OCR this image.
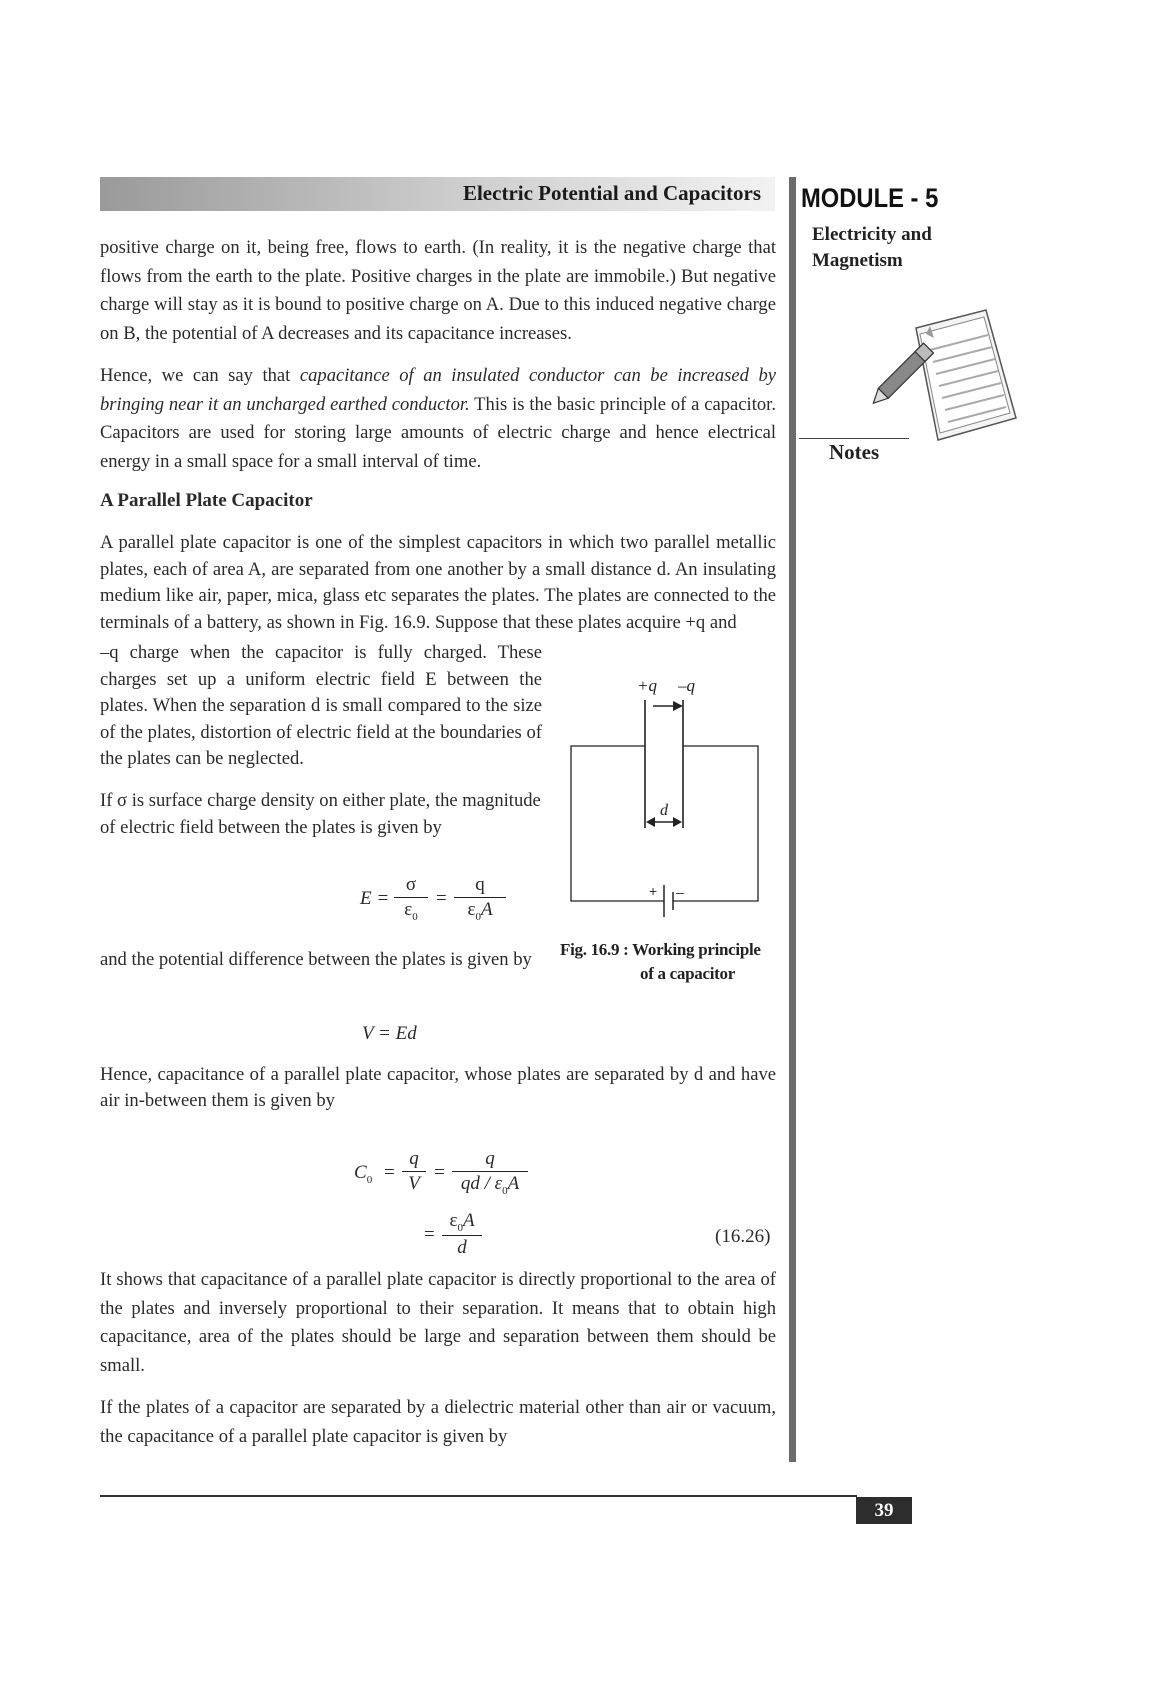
Electric Potential and Capacitors MODULE - 5
Electricity and
Magnetism
Notes

positive charge on it, being free, flows to earth. (In reality, it is the negative charge that flows from the earth to the plate. Positive charges in the plate are immobile.) But negative charge will stay as it is bound to positive charge on A. Due to this induced negative charge on B, the potential of A decreases and its capacitance increases.

Hence, we can say that capacitance of an insulated conductor can be increased by bringing near it an uncharged earthed conductor. This is the basic principle of a capacitor. Capacitors are used for storing large amounts of electric charge and hence electrical energy in a small space for a small interval of time.

A Parallel Plate Capacitor

A parallel plate capacitor is one of the simplest capacitors in which two parallel metallic plates, each of area A, are separated from one another by a small distance d. An insulating medium like air, paper, mica, glass etc separates the plates. The plates are connected to the terminals of a battery, as shown in Fig. 16.9. Suppose that these plates acquire +q and

–q charge when the capacitor is fully charged. These charges set up a uniform electric field E between the plates. When the separation d is small compared to the size of the plates, distortion of electric field at the boundaries of the plates can be neglected.

If σ is surface charge density on either plate, the magnitude of electric field between the plates is given by

$E = \frac{\sigma}{\varepsilon_0} = \frac{q}{\varepsilon_0A}$

and the potential difference between the plates is given by

+q –q
+ –
d
Fig. 16.9 : Working principle
of a capacitor
V = Ed

Hence, capacitance of a parallel plate capacitor, whose plates are separated by d and have air in-between them is given by

$C_0 = \frac{q}{V} = \frac{q}{qd / \varepsilon_0A}$
= $\frac{\varepsilon_0A}{d}$	(16.26)

It shows that capacitance of a parallel plate capacitor is directly proportional to the area of the plates and inversely proportional to their separation. It means that to obtain high capacitance, area of the plates should be large and separation between them should be small.

If the plates of a capacitor are separated by a dielectric material other than air or vacuum, the capacitance of a parallel plate capacitor is given by

39
